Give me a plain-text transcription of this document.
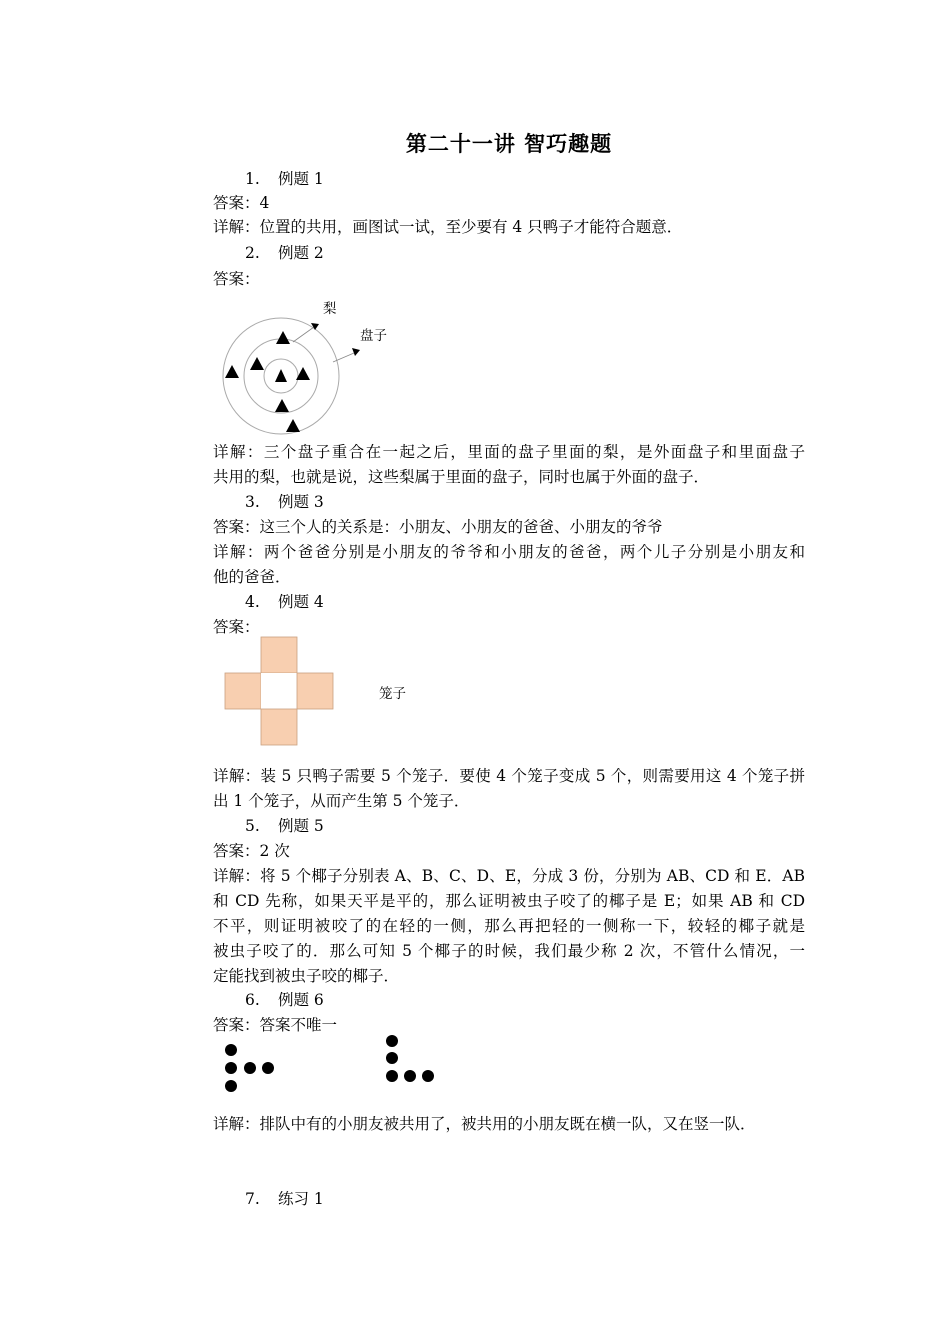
第二十一讲 智巧趣题
1. 例题 1
答案：4
详解：位置的共用，画图试一试，至少要有 4 只鸭子才能符合题意．
2. 例题 2
答案：
梨
盘子
详解：三个盘子重合在一起之后，里面的盘子里面的梨，是外面盘子和里面盘子
共用的梨，也就是说，这些梨属于里面的盘子，同时也属于外面的盘子．
3. 例题 3
答案：这三个人的关系是：小朋友、小朋友的爸爸、小朋友的爷爷
详解：两个爸爸分别是小朋友的爷爷和小朋友的爸爸，两个儿子分别是小朋友和
他的爸爸．
4. 例题 4
答案：
笼子
详解：装 5 只鸭子需要 5 个笼子．要使 4 个笼子变成 5 个，则需要用这 4 个笼子拼
出 1 个笼子，从而产生第 5 个笼子．
5. 例题 5
答案：2 次
详解：将 5 个椰子分别表 A、B、C、D、E，分成 3 份，分别为 AB、CD 和 E．AB
和 CD 先称，如果天平是平的，那么证明被虫子咬了的椰子是 E；如果 AB 和 CD
不平，则证明被咬了的在轻的一侧，那么再把轻的一侧称一下，较轻的椰子就是
被虫子咬了的．那么可知 5 个椰子的时候，我们最少称 2 次，不管什么情况，一
定能找到被虫子咬的椰子．
6. 例题 6
答案：答案不唯一
详解：排队中有的小朋友被共用了，被共用的小朋友既在横一队，又在竖一队．
7. 练习 1
